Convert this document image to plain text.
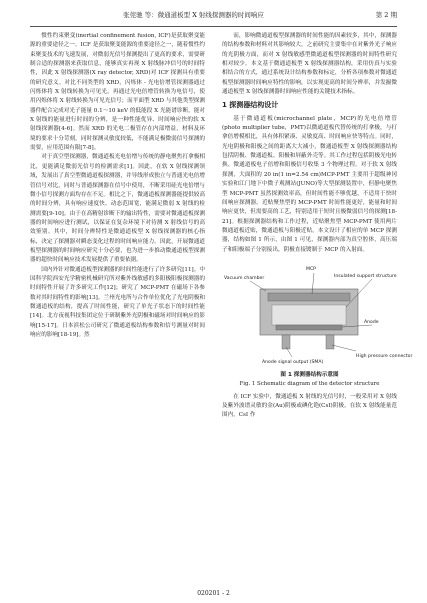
张莞驰 等：微通道板型 X 射线探测器的时间响应	第 2 期

惯性约束聚变(inertial confinement fusion, ICF)是获取聚变能源的重要途径之一。ICF 是获取聚变能源的重要途径之一，随着惯性约束聚变技术的飞速发展，对微弱光信号探测提出了更高的要求，需要研制合适的探测器来获取信息，能够真实再现 X 射线脉冲信号的时间特性，因此 X 射线探测器(X ray detector, XRD)对 ICF 探测具有重要的研究意义。对比不同类型的 XRD，闪烁体 - 光电倍增管探测器通过闪烁体将 X 射线转换为可见光，再通过光电倍增管转换为电信号，使用闪烁体将 X 射线转换为可见光信号；而平面型 XRD 与其他类型探测器件配合完成对光子能量 0.1～10 keV 的低能段 X 光能谱诊断，能对 X 射线的能量进行时间的分辨，是一种性能优异、时间响应快的软 X 射线探测器[4-6]。然而 XRD 的光电二极管存在内部增益，材料及环境的要求十分苛刻，同时探测灵敏度较低，不能满足极微弱信号探测的需要，应用范围有限[7-8]。

对于真空型探测器，微通道板光电倍增与传统的静电聚焦打拿极相比，更能满足微弱光信号的检测需求[1]。因此，在软 X 射线探测领域，发展出了真空型微通道板探测器，并导线形成独立与普通光电倍增管信号对比，同时与普通探测器在信号中使用，不断采用硅光电倍增与微小信号探测方面均存在不足。相比之下，微通道板探测器能提供较高的时间分辨，具有响应速度快、动态范围宽，能满足微弱 X 射线的检测需要[9-10]。由于在高精射诊断下的输出特性，需要对微通道板探测器的时间响应进行测试，以保证在复杂环境下对待测 X 射线信号的高效鉴别。其中，时间分辨特性是微通道板型 X 射线探测器的核心指标，决定了探测器对瞬态变化过程的时间响应能力。因此，开展微通道板型探测器的时间响应研究十分必要，也为进一步推动微通道板型探测器的超快时间响应技术发展提供了重要依据。

国内外针对微通道板型探测器的时间性能进行了许多研究[11]。中国科学院西安光学精密机械研究所对紫外线敏感的多阳极阳极探测器的时间特性开展了许多研究工作[12]；研究了 MCP-PMT 在磁场下各参数对其时间特性的影响[13]。兰州光电所与合作单位优化了光电阴极和微通道板的结构，提高了时间性能，研究了单光子状态下的时间性能[14]。北方夜视科技集团定位于研制紫外光阴极和磁场对时间响应的影响[15-17]。日本滨松公司研究了微通道板结构参数和信号测量对时间响应的影响[18-19]。然

而，影响微通道板型探测器的时间性能的因素较多，其中，探测器的结构参数和材料对其影响较大。之前研究主要集中在对紫外光子响应的光阴极方面，而对 X 射线敏感型微通道板型探测器的时间特性研究相对较少。本文基于微通道板型 X 射线探测器结构，采用仿真与实验相结合的方式，通过系统设计结构参数和标定，分析各项参数对微通道板型探测器时间响应特性的影响，以实现更高的时间分辨率，并发掘微通道板型 X 射线探测器时间响应性能的关键技术指标。

1 探测器结构设计

基于微通道板(microchannel plate，MCP)的光电倍增管(photo multiplier tube，PMT)以微通道板代替传统的打拿极，与打拿倍增模相比，具有体积紧凑、灵敏度高、时间响应快等特点。同时，光电阴极和阳极之间的距离大大减小，微通道板型 X 射线探测器结构包括阴极、微通道板、阳极和屏蔽外壳等。其工作过程包括阴极光电转换、微通道板电子倍增和阳极信号收集 3 个物理过程。对于软 X 射线探测，大面积的 20 in(1 in=2.54 cm)MCP-PMT 主要用于超级神冈实验和江门地下中微子观测站(JUNO)等大型探测装置中，但静电聚焦型 MCP-PMT 虽然探测效率高，但时间性能不够优越，不适用于快时间响应探测器。近贴聚焦型的 MCP-PMT 时间性能更好，能量和时间响应更快，但需要高的工艺，特别适用于短时且极微弱信号的探测[18-21]。根据探测器结构和工作过程，近贴聚焦型 MCP-PMT 使用两片微通道板近贴，微通道板与阳极近贴。本文设计了相应的单 MCP 探测器，结构如图 1 所示，由图 1 可见，探测器内部为真空腔体，高压端子和阳极端子分别接出，阴极直接镀制于 MCP 的入射面。

Vacuum chamber
MCP
Insulated support structure
Anode
High pressure connector
Anode signal output (SMA)

图 1 探测器结构示意图

Fig. 1 Schematic diagram of the detector structure

在 ICF 实验中，微通道板 X 射线的光信号时，一般采用对 X 射线及紫外波谱灵敏的金(Au)阴极或碘化铯(CsI)阴极，在软 X 射线能量范围内，CsI 作

020201 - 2
